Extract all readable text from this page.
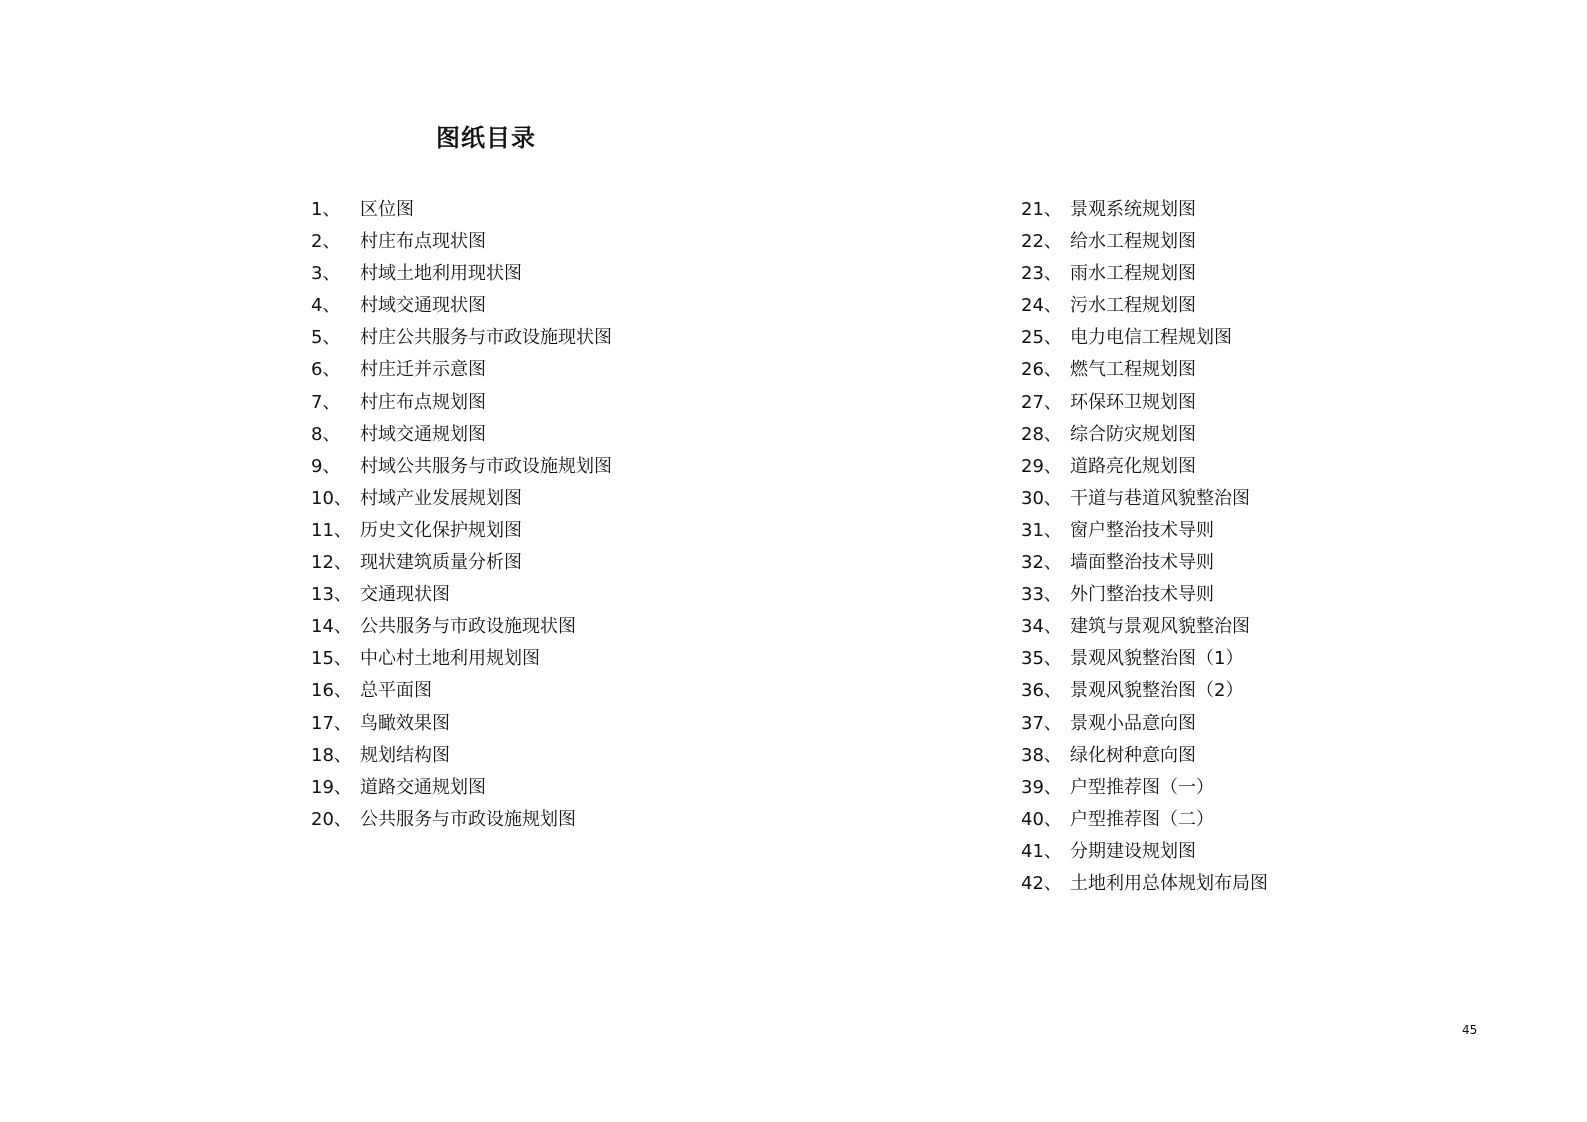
图纸目录
1、	区位图
2、	村庄布点现状图
3、	村域土地利用现状图
4、	村域交通现状图
5、	村庄公共服务与市政设施现状图
6、	村庄迁并示意图
7、	村庄布点规划图
8、	村域交通规划图
9、	村域公共服务与市政设施规划图
10、 村域产业发展规划图
11、 历史文化保护规划图
12、 现状建筑质量分析图
13、 交通现状图
14、 公共服务与市政设施现状图
15、 中心村土地利用规划图
16、 总平面图
17、 鸟瞰效果图
18、 规划结构图
19、 道路交通规划图
20、 公共服务与市政设施规划图
21、 景观系统规划图
22、 给水工程规划图
23、 雨水工程规划图
24、 污水工程规划图
25、 电力电信工程规划图
26、 燃气工程规划图
27、 环保环卫规划图
28、 综合防灾规划图
29、 道路亮化规划图
30、 干道与巷道风貌整治图
31、 窗户整治技术导则
32、 墙面整治技术导则
33、 外门整治技术导则
34、 建筑与景观风貌整治图
35、 景观风貌整治图（1）
36、 景观风貌整治图（2）
37、 景观小品意向图
38、 绿化树种意向图
39、 户型推荐图（一）
40、 户型推荐图（二）
41、 分期建设规划图
42、 土地利用总体规划布局图
45
